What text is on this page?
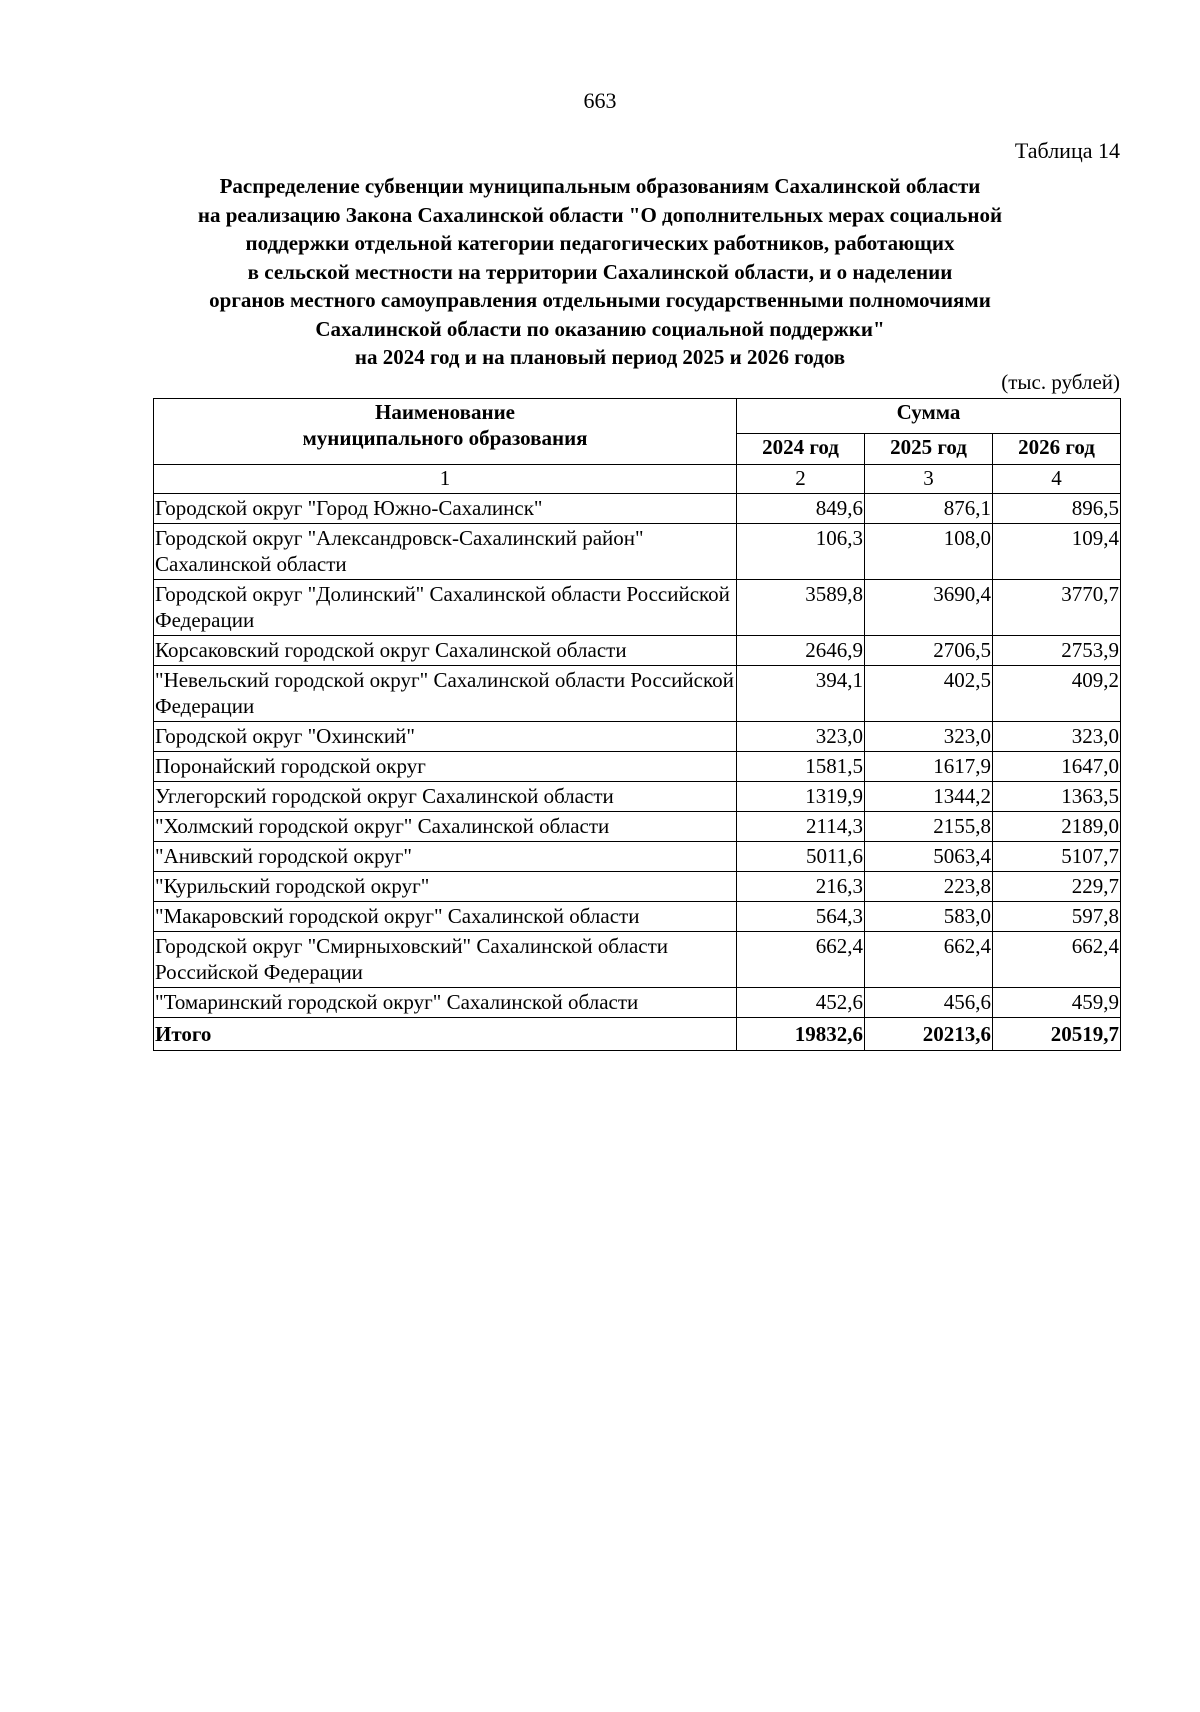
663
Таблица 14
Распределение субвенции муниципальным образованиям Сахалинской области
на реализацию Закона Сахалинской области "О дополнительных мерах социальной
поддержки отдельной категории педагогических работников, работающих
в сельской местности на территории Сахалинской области, и о наделении
органов местного самоуправления отдельными государственными полномочиями
Сахалинской области по оказанию социальной поддержки"
на 2024 год и на плановый период 2025 и 2026 годов
(тыс. рублей)
Наименование
муниципального образования	Сумма		
	2024 год	2025 год	2026 год
1	2	3	4
Городской округ "Город Южно-Сахалинск"	849,6	876,1	896,5
Городской округ "Александровск-Сахалинский район" Сахалинской области	106,3	108,0	109,4
Городской округ "Долинский" Сахалинской области Российской Федерации	3589,8	3690,4	3770,7
Корсаковский городской округ Сахалинской области	2646,9	2706,5	2753,9
"Невельский городской округ" Сахалинской области Российской Федерации	394,1	402,5	409,2
Городской округ "Охинский"	323,0	323,0	323,0
Поронайский городской округ	1581,5	1617,9	1647,0
Углегорский городской округ Сахалинской области	1319,9	1344,2	1363,5
"Холмский городской округ" Сахалинской области	2114,3	2155,8	2189,0
"Анивский городской округ"	5011,6	5063,4	5107,7
"Курильский городской округ"	216,3	223,8	229,7
"Макаровский городской округ" Сахалинской области	564,3	583,0	597,8
Городской округ "Смирныховский" Сахалинской области Российской Федерации	662,4	662,4	662,4
"Томаринский городской округ" Сахалинской области	452,6	456,6	459,9
Итого	19832,6	20213,6	20519,7
